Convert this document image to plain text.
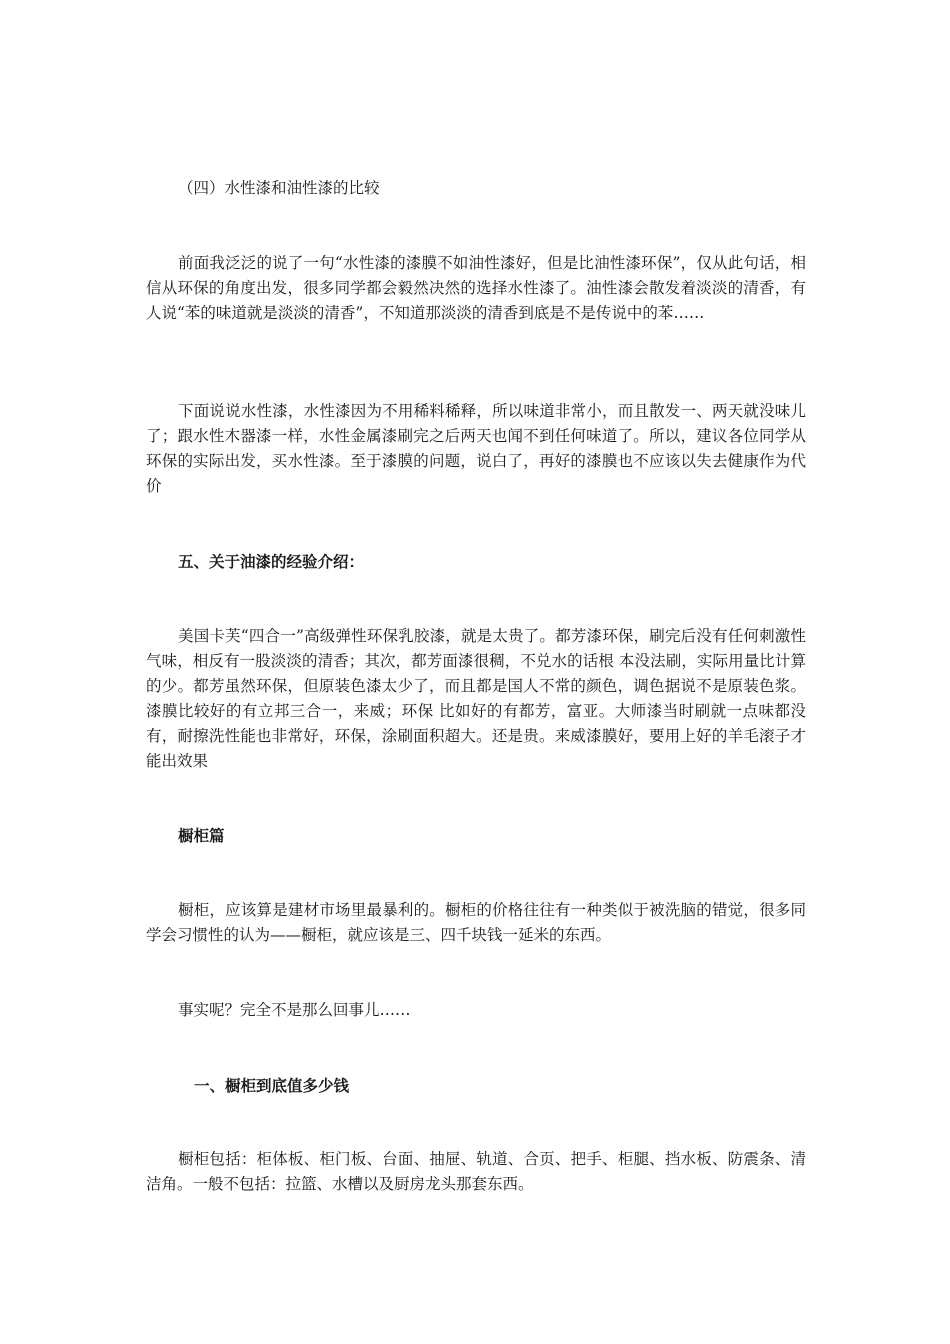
（四）水性漆和油性漆的比较
前面我泛泛的说了一句“水性漆的漆膜不如油性漆好，但是比油性漆环保”，仅从此句话，相信从环保的角度出发，很多同学都会毅然决然的选择水性漆了。油性漆会散发着淡淡的清香，有人说“苯的味道就是淡淡的清香”，不知道那淡淡的清香到底是不是传说中的苯……
下面说说水性漆，水性漆因为不用稀料稀释，所以味道非常小，而且散发一、两天就没味儿了；跟水性木器漆一样，水性金属漆刷完之后两天也闻不到任何味道了。所以，建议各位同学从环保的实际出发，买水性漆。至于漆膜的问题，说白了，再好的漆膜也不应该以失去健康作为代价
五、关于油漆的经验介绍：
美国卡芙“四合一”高级弹性环保乳胶漆，就是太贵了。都芳漆环保，刷完后没有任何刺激性气味，相反有一股淡淡的清香；其次，都芳面漆很稠，不兑水的话根 本没法刷，实际用量比计算的少。都芳虽然环保，但原装色漆太少了，而且都是国人不常的颜色，调色据说不是原装色浆。漆膜比较好的有立邦三合一，来威；环保 比如好的有都芳，富亚。大师漆当时刷就一点味都没有，耐擦洗性能也非常好，环保，涂刷面积超大。还是贵。来威漆膜好，要用上好的羊毛滚子才能出效果
橱柜篇
橱柜，应该算是建材市场里最暴利的。橱柜的价格往往有一种类似于被洗脑的错觉，很多同学会习惯性的认为——橱柜，就应该是三、四千块钱一延米的东西。
事实呢？完全不是那么回事儿……
一、橱柜到底值多少钱
橱柜包括：柜体板、柜门板、台面、抽屉、轨道、合页、把手、柜腿、挡水板、防震条、清洁角。一般不包括：拉篮、水槽以及厨房龙头那套东西。
